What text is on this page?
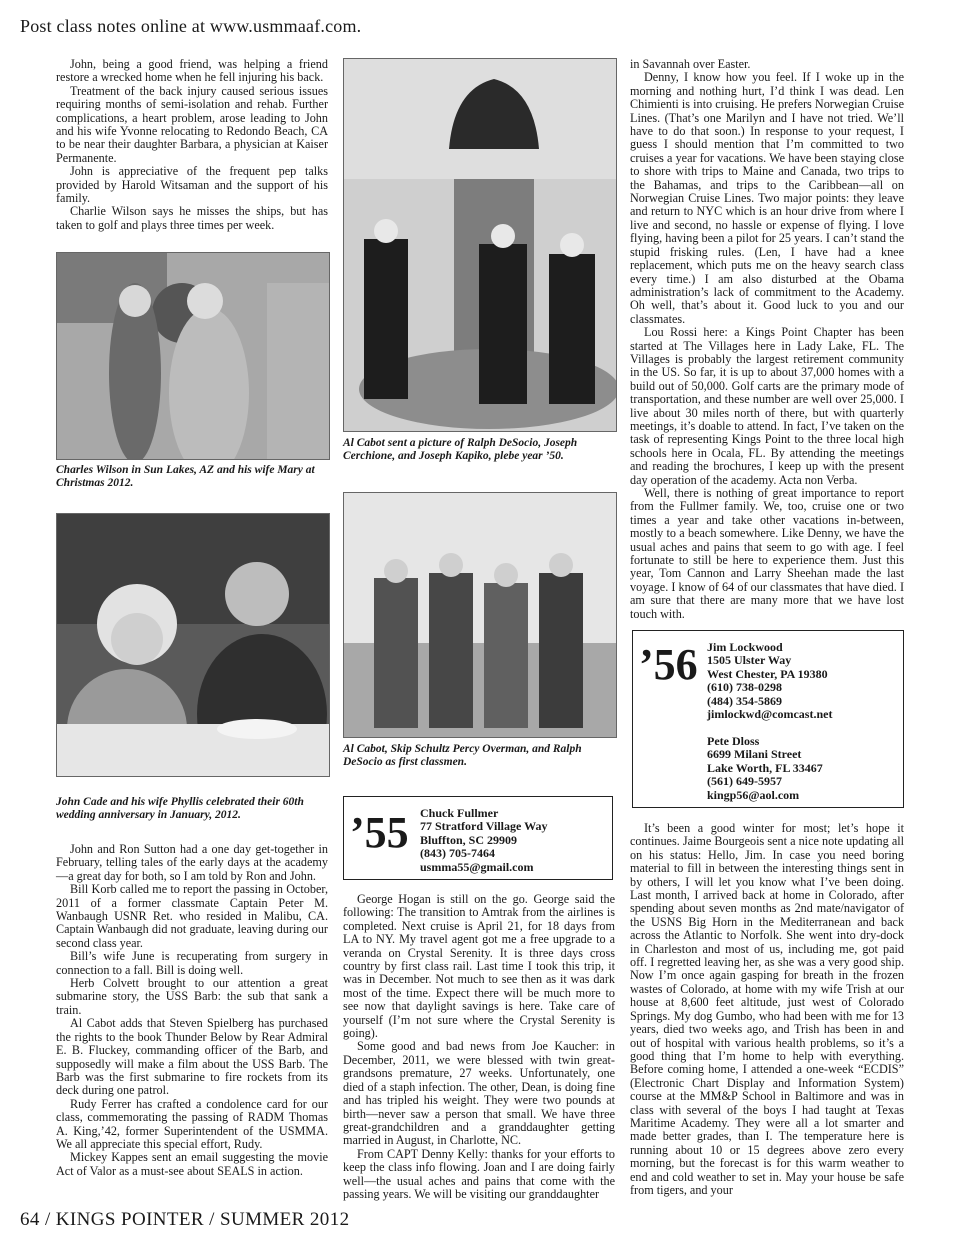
Post class notes online at www.usmmaaf.com.

John, being a good friend, was helping a friend restore a wrecked home when he fell injuring his back.

Treatment of the back injury caused serious issues requiring months of semi-isolation and rehab. Further complications, a heart problem, arose leading to John and his wife Yvonne relocating to Redondo Beach, CA to be near their daughter Barbara, a physician at Kaiser Permanente.

John is appreciative of the frequent pep talks provided by Harold Witsaman and the support of his family.

Charlie Wilson says he misses the ships, but has taken to golf and plays three times per week.

Charles Wilson in Sun Lakes, AZ and his wife Mary at Christmas 2012.
John Cade and his wife Phyllis celebrated their 60th wedding anniversary in January, 2012.

John and Ron Sutton had a one day get-together in February, telling tales of the early days at the academy—a great day for both, so I am told by Ron and John.

Bill Korb called me to report the passing in October, 2011 of a former classmate Captain Peter M. Wanbaugh USNR Ret. who resided in Malibu, CA. Captain Wanbaugh did not graduate, leaving during our second class year.

Bill’s wife June is recuperating from surgery in connection to a fall. Bill is doing well.

Herb Colvett brought to our attention a great submarine story, the USS Barb: the sub that sank a train.

Al Cabot adds that Steven Spielberg has purchased the rights to the book Thunder Below by Rear Admiral E. B. Fluckey, commanding officer of the Barb, and supposedly will make a film about the USS Barb. The Barb was the first submarine to fire rockets from its deck during one patrol.

Rudy Ferrer has crafted a condolence card for our class, commemorating the passing of RADM Thomas A. King,’42, former Superintendent of the USMMA. We all appreciate this special effort, Rudy.

Mickey Kappes sent an email suggesting the movie Act of Valor as a must-see about SEALS in action.

Al Cabot sent a picture of Ralph DeSocio, Joseph Cerchione, and Joseph Kapiko, plebe year ’50.
Al Cabot, Skip Schultz Percy Overman, and Ralph DeSocio as first classmen.
’55 Chuck Fullmer
77 Stratford Village Way
Bluffton, SC 29909
(843) 705-7464
usmma55@gmail.com

George Hogan is still on the go. George said the following: The transition to Amtrak from the airlines is completed. Next cruise is April 21, for 18 days from LA to NY. My travel agent got me a free upgrade to a veranda on Crystal Serenity. It is three days cross country by first class rail. Last time I took this trip, it was in December. Not much to see then as it was dark most of the time. Expect there will be much more to see now that daylight savings is here. Take care of yourself (I’m not sure where the Crystal Serenity is going).

Some good and bad news from Joe Kaucher: in December, 2011, we were blessed with twin great-grandsons premature, 27 weeks. Unfortunately, one died of a staph infection. The other, Dean, is doing fine and has tripled his weight. They were two pounds at birth—never saw a person that small. We have three great-grandchildren and a granddaughter getting married in August, in Charlotte, NC.

From CAPT Denny Kelly: thanks for your efforts to keep the class info flowing. Joan and I are doing fairly well—the usual aches and pains that come with the passing years. We will be visiting our granddaughter

in Savannah over Easter.

Denny, I know how you feel. If I woke up in the morning and nothing hurt, I’d think I was dead. Len Chimienti is into cruising. He prefers Norwegian Cruise Lines. (That’s one Marilyn and I have not tried. We’ll have to do that soon.) In response to your request, I guess I should mention that I’m committed to two cruises a year for vacations. We have been staying close to shore with trips to Maine and Canada, two trips to the Bahamas, and trips to the Caribbean—all on Norwegian Cruise Lines. Two major points: they leave and return to NYC which is an hour drive from where I live and second, no hassle or expense of flying. I love flying, having been a pilot for 25 years. I can’t stand the stupid frisking rules. (Len, I have had a knee replacement, which puts me on the heavy search class every time.) I am also disturbed at the Obama administration’s lack of commitment to the Academy. Oh well, that’s about it. Good luck to you and our classmates.

Lou Rossi here: a Kings Point Chapter has been started at The Villages here in Lady Lake, FL. The Villages is probably the largest retirement community in the US. So far, it is up to about 37,000 homes with a build out of 50,000. Golf carts are the primary mode of transportation, and these number are well over 25,000. I live about 30 miles north of there, but with quarterly meetings, it’s doable to attend. In fact, I’ve taken on the task of representing Kings Point to the three local high schools here in Ocala, FL. By attending the meetings and reading the brochures, I keep up with the present day operation of the academy. Acta non Verba.

Well, there is nothing of great importance to report from the Fullmer family. We, too, cruise one or two times a year and take other vacations in-between, mostly to a beach somewhere. Like Denny, we have the usual aches and pains that seem to go with age. I feel fortunate to still be here to experience them. Just this year, Tom Cannon and Larry Sheehan made the last voyage. I know of 64 of our classmates that have died. I am sure that there are many more that we have lost touch with.

’56 Jim Lockwood
1505 Ulster Way
West Chester, PA 19380
(610) 738-0298
(484) 354-5869
jimlockwd@comcast.net
Pete Dloss
6699 Milani Street
Lake Worth, FL 33467
(561) 649-5957
kingp56@aol.com

It’s been a good winter for most; let’s hope it continues. Jaime Bourgeois sent a nice note updating all on his status: Hello, Jim. In case you need boring material to fill in between the interesting things sent in by others, I will let you know what I’ve been doing. Last month, I arrived back at home in Colorado, after spending about seven months as 2nd mate/navigator of the USNS Big Horn in the Mediterranean and back across the Atlantic to Norfolk. She went into dry-dock in Charleston and most of us, including me, got paid off. I regretted leaving her, as she was a very good ship. Now I’m once again gasping for breath in the frozen wastes of Colorado, at home with my wife Trish at our house at 8,600 feet altitude, just west of Colorado Springs. My dog Gumbo, who had been with me for 13 years, died two weeks ago, and Trish has been in and out of hospital with various health problems, so it’s a good thing that I’m home to help with everything. Before coming home, I attended a one-week “ECDIS” (Electronic Chart Display and Information System) course at the MM&P School in Baltimore and was in class with several of the boys I had taught at Texas Maritime Academy. They were all a lot smarter and made better grades, than I. The temperature here is running about 10 or 15 degrees above zero every morning, but the forecast is for this warm weather to end and cold weather to set in. May your house be safe from tigers, and your

64 / KINGS POINTER / SUMMER 2012
